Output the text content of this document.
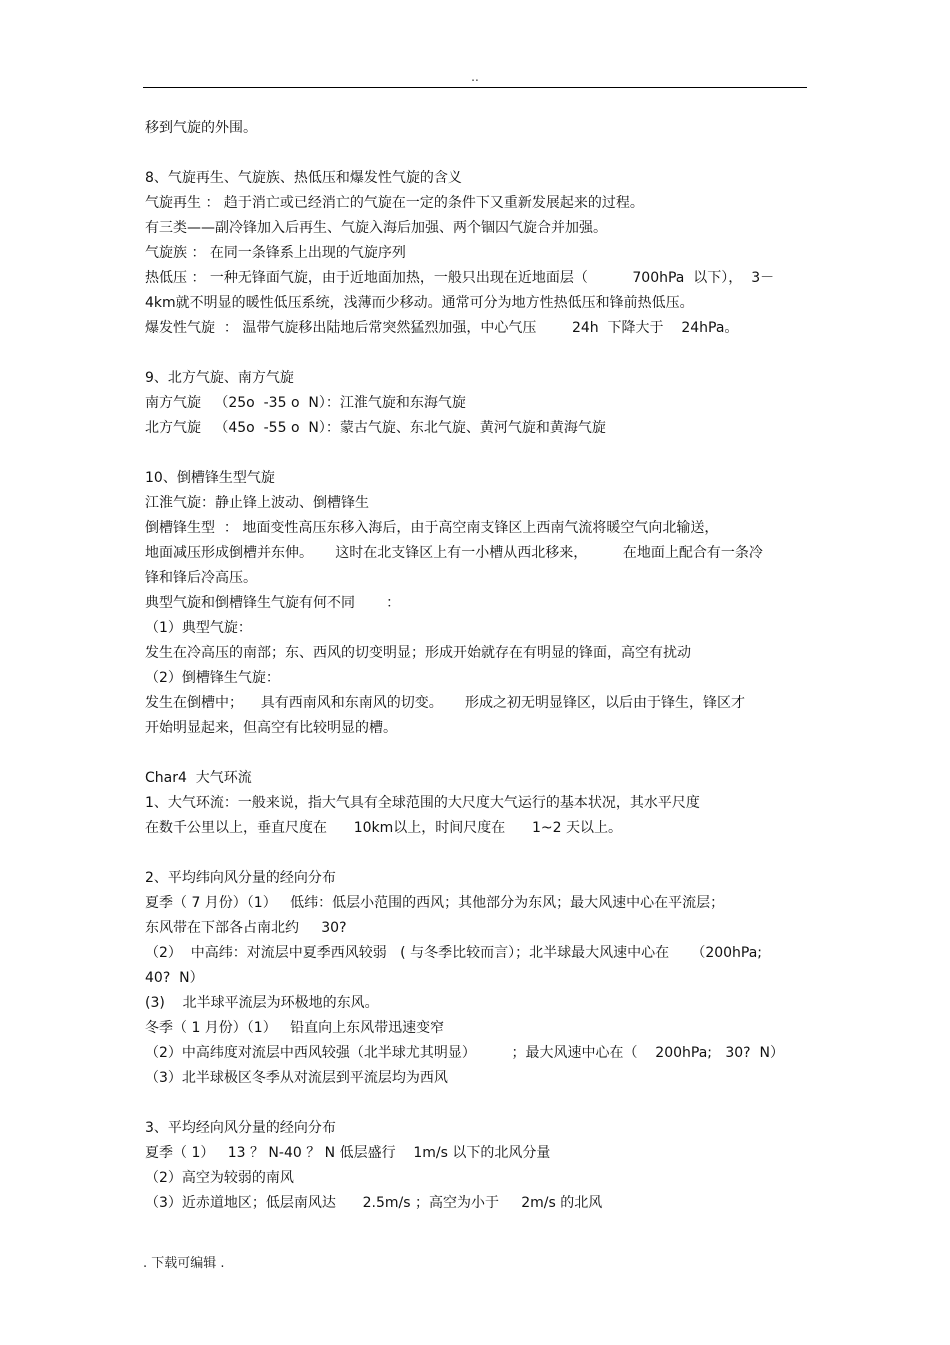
..
移到气旋的外围。
8、气旋再生、气旋族、热低压和爆发性气旋的含义
气旋再生 ： 趋于消亡或已经消亡的气旋在一定的条件下又重新发展起来的过程。
有三类——副冷锋加入后再生、气旋入海后加强、两个锢囚气旋合并加强。
气旋族 ： 在同一条锋系上出现的气旋序列
热低压 ： 一种无锋面气旋，由于近地面加热，一般只出现在近地面层（          700hPa  以下），  3－
4km就不明显的暖性低压系统，浅薄而少移动。通常可分为地方性热低压和锋前热低压。
爆发性气旋  ： 温带气旋移出陆地后常突然猛烈加强，中心气压        24h  下降大于    24hPa。
9、北方气旋、南方气旋
南方气旋   （25o  -35 o  N）：江淮气旋和东海气旋
北方气旋   （45o  -55 o  N）：蒙古气旋、东北气旋、黄河气旋和黄海气旋
10、倒槽锋生型气旋
江淮气旋：静止锋上波动、倒槽锋生
倒槽锋生型  ： 地面变性高压东移入海后，由于高空南支锋区上西南气流将暖空气向北输送，
地面减压形成倒槽并东伸。     这时在北支锋区上有一小槽从西北移来，        在地面上配合有一条冷
锋和锋后冷高压。
典型气旋和倒槽锋生气旋有何不同       ：
（1）典型气旋：
发生在冷高压的南部；东、西风的切变明显；形成开始就存在有明显的锋面，高空有扰动
（2）倒槽锋生气旋：
发生在倒槽中；    具有西南风和东南风的切变。     形成之初无明显锋区，以后由于锋生，锋区才
开始明显起来，但高空有比较明显的槽。
Char4  大气环流
1、大气环流：一般来说，指大气具有全球范围的大尺度大气运行的基本状况，其水平尺度
在数千公里以上，垂直尺度在      10km以上，时间尺度在      1~2 天以上。
2、平均纬向风分量的经向分布
夏季（ 7 月份）（1）   低纬：低层小范围的西风；其他部分为东风；最大风速中心在平流层；
东风带在下部各占南北约     30?
（2）  中高纬：对流层中夏季西风较弱   ( 与冬季比较而言）；北半球最大风速中心在     （200hPa;
40?  N）
(3)    北半球平流层为环极地的东风。
冬季（ 1 月份）（1）   铅直向上东风带迅速变窄
（2）中高纬度对流层中西风较强（北半球尤其明显）        ；最大风速中心在（    200hPa;   30?  N）
（3）北半球极区冬季从对流层到平流层均为西风
3、平均经向风分量的经向分布
夏季（ 1）   13 ？ N-40 ？ N 低层盛行    1m/s 以下的北风分量
（2）高空为较弱的南风
（3）近赤道地区；低层南风达      2.5m/s ；高空为小于     2m/s 的北风
. 下载可编辑 .
